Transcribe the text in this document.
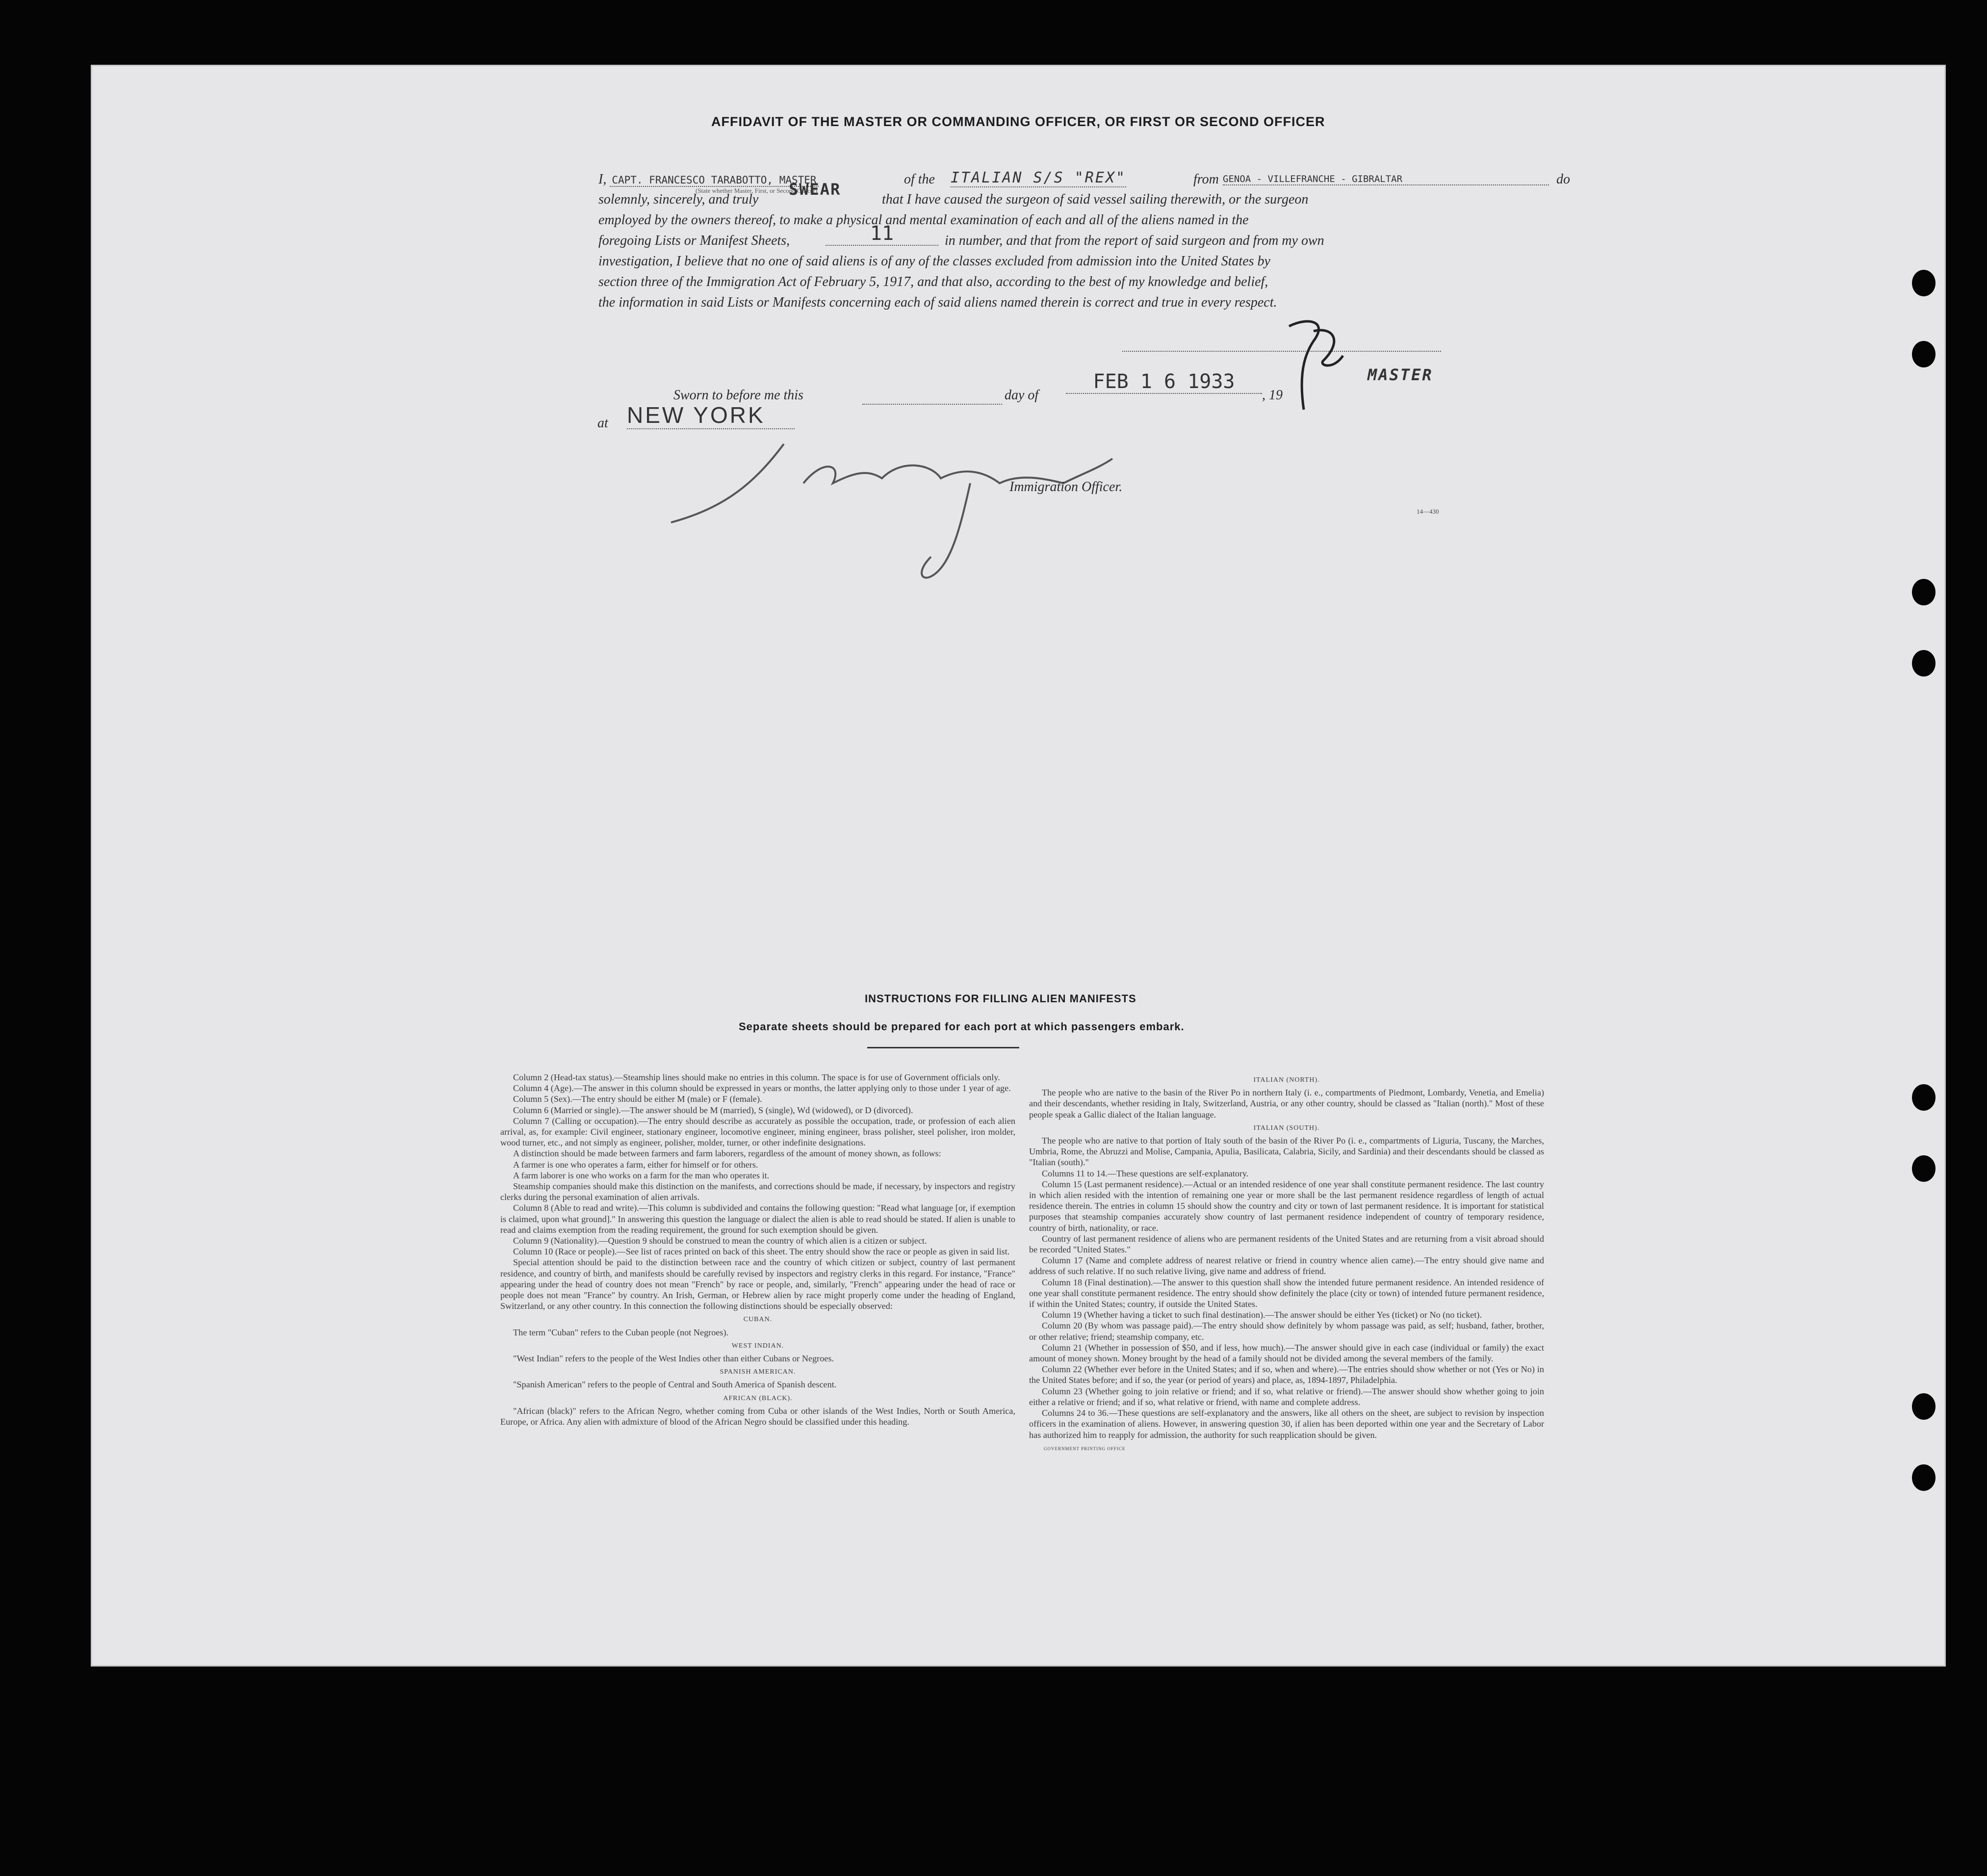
AFFIDAVIT OF THE MASTER OR COMMANDING OFFICER, OR FIRST OR SECOND OFFICER
I, CAPT. FRANCESCO TARABOTTO, MASTER	of the ITALIAN S/S "REX"	from GENOA - VILLEFRANCHE - GIBRALTAR	do
(State whether Master, First, or Second Officer)
solemnly, sincerely, and truly
SWEAR
that I have caused the surgeon of said vessel sailing therewith, or the surgeon
employed by the owners thereof, to make a physical and mental examination of each and all of the aliens named in the
foregoing Lists or Manifest Sheets,	11	in number, and that from the report of said surgeon and from my own
investigation, I believe that no one of said aliens is of any of the classes excluded from admission into the United States by
section three of the Immigration Act of February 5, 1917, and that also, according to the best of my knowledge and belief,
the information in said Lists or Manifests concerning each of said aliens named therein is correct and true in every respect.
MASTER
Sworn to before me this	day of
FEB 1 6 1933
, 19
at NEW YORK
Immigration Officer.
14—430
INSTRUCTIONS FOR FILLING ALIEN MANIFESTS
Separate sheets should be prepared for each port at which passengers embark.

Column 2 (Head-tax status).—Steamship lines should make no entries in this column. The space is for use of Government officials only.

Column 4 (Age).—The answer in this column should be expressed in years or months, the latter applying only to those under 1 year of age.

Column 5 (Sex).—The entry should be either M (male) or F (female).

Column 6 (Married or single).—The answer should be M (married), S (single), Wd (widowed), or D (divorced).

Column 7 (Calling or occupation).—The entry should describe as accurately as possible the occupation, trade, or profession of each alien arrival, as, for example: Civil engineer, stationary engineer, locomotive engineer, mining engineer, brass polisher, steel polisher, iron molder, wood turner, etc., and not simply as engineer, polisher, molder, turner, or other indefinite designations.

A distinction should be made between farmers and farm laborers, regardless of the amount of money shown, as follows:

A farmer is one who operates a farm, either for himself or for others.

A farm laborer is one who works on a farm for the man who operates it.

Steamship companies should make this distinction on the manifests, and corrections should be made, if necessary, by inspectors and registry clerks during the personal examination of alien arrivals.

Column 8 (Able to read and write).—This column is subdivided and contains the following question: "Read what language [or, if exemption is claimed, upon what ground]." In answering this question the language or dialect the alien is able to read should be stated. If alien is unable to read and claims exemption from the reading requirement, the ground for such exemption should be given.

Column 9 (Nationality).—Question 9 should be construed to mean the country of which alien is a citizen or subject.

Column 10 (Race or people).—See list of races printed on back of this sheet. The entry should show the race or people as given in said list.

Special attention should be paid to the distinction between race and the country of which citizen or subject, country of last permanent residence, and country of birth, and manifests should be carefully revised by inspectors and registry clerks in this regard. For instance, "France" appearing under the head of country does not mean "French" by race or people, and, similarly, "French" appearing under the head of race or people does not mean "France" by country. An Irish, German, or Hebrew alien by race might properly come under the heading of England, Switzerland, or any other country. In this connection the following distinctions should be especially observed:

CUBAN.

The term "Cuban" refers to the Cuban people (not Negroes).

WEST INDIAN.

"West Indian" refers to the people of the West Indies other than either Cubans or Negroes.

SPANISH AMERICAN.

"Spanish American" refers to the people of Central and South America of Spanish descent.

AFRICAN (BLACK).

"African (black)" refers to the African Negro, whether coming from Cuba or other islands of the West Indies, North or South America, Europe, or Africa. Any alien with admixture of blood of the African Negro should be classified under this heading.

ITALIAN (NORTH).

The people who are native to the basin of the River Po in northern Italy (i. e., compartments of Piedmont, Lombardy, Venetia, and Emelia) and their descendants, whether residing in Italy, Switzerland, Austria, or any other country, should be classed as "Italian (north)." Most of these people speak a Gallic dialect of the Italian language.

ITALIAN (SOUTH).

The people who are native to that portion of Italy south of the basin of the River Po (i. e., compartments of Liguria, Tuscany, the Marches, Umbria, Rome, the Abruzzi and Molise, Campania, Apulia, Basilicata, Calabria, Sicily, and Sardinia) and their descendants should be classed as "Italian (south)."

Columns 11 to 14.—These questions are self-explanatory.

Column 15 (Last permanent residence).—Actual or an intended residence of one year shall constitute permanent residence. The last country in which alien resided with the intention of remaining one year or more shall be the last permanent residence regardless of length of actual residence therein. The entries in column 15 should show the country and city or town of last permanent residence. It is important for statistical purposes that steamship companies accurately show country of last permanent residence independent of country of temporary residence, country of birth, nationality, or race.

Country of last permanent residence of aliens who are permanent residents of the United States and are returning from a visit abroad should be recorded "United States."

Column 17 (Name and complete address of nearest relative or friend in country whence alien came).—The entry should give name and address of such relative. If no such relative living, give name and address of friend.

Column 18 (Final destination).—The answer to this question shall show the intended future permanent residence. An intended residence of one year shall constitute permanent residence. The entry should show definitely the place (city or town) of intended future permanent residence, if within the United States; country, if outside the United States.

Column 19 (Whether having a ticket to such final destination).—The answer should be either Yes (ticket) or No (no ticket).

Column 20 (By whom was passage paid).—The entry should show definitely by whom passage was paid, as self; husband, father, brother, or other relative; friend; steamship company, etc.

Column 21 (Whether in possession of $50, and if less, how much).—The answer should give in each case (individual or family) the exact amount of money shown. Money brought by the head of a family should not be divided among the several members of the family.

Column 22 (Whether ever before in the United States; and if so, when and where).—The entries should show whether or not (Yes or No) in the United States before; and if so, the year (or period of years) and place, as, 1894-1897, Philadelphia.

Column 23 (Whether going to join relative or friend; and if so, what relative or friend).—The answer should show whether going to join either a relative or friend; and if so, what relative or friend, with name and complete address.

Columns 24 to 36.—These questions are self-explanatory and the answers, like all others on the sheet, are subject to revision by inspection officers in the examination of aliens. However, in answering question 30, if alien has been deported within one year and the Secretary of Labor has authorized him to reapply for admission, the authority for such reapplication should be given.

GOVERNMENT PRINTING OFFICE
